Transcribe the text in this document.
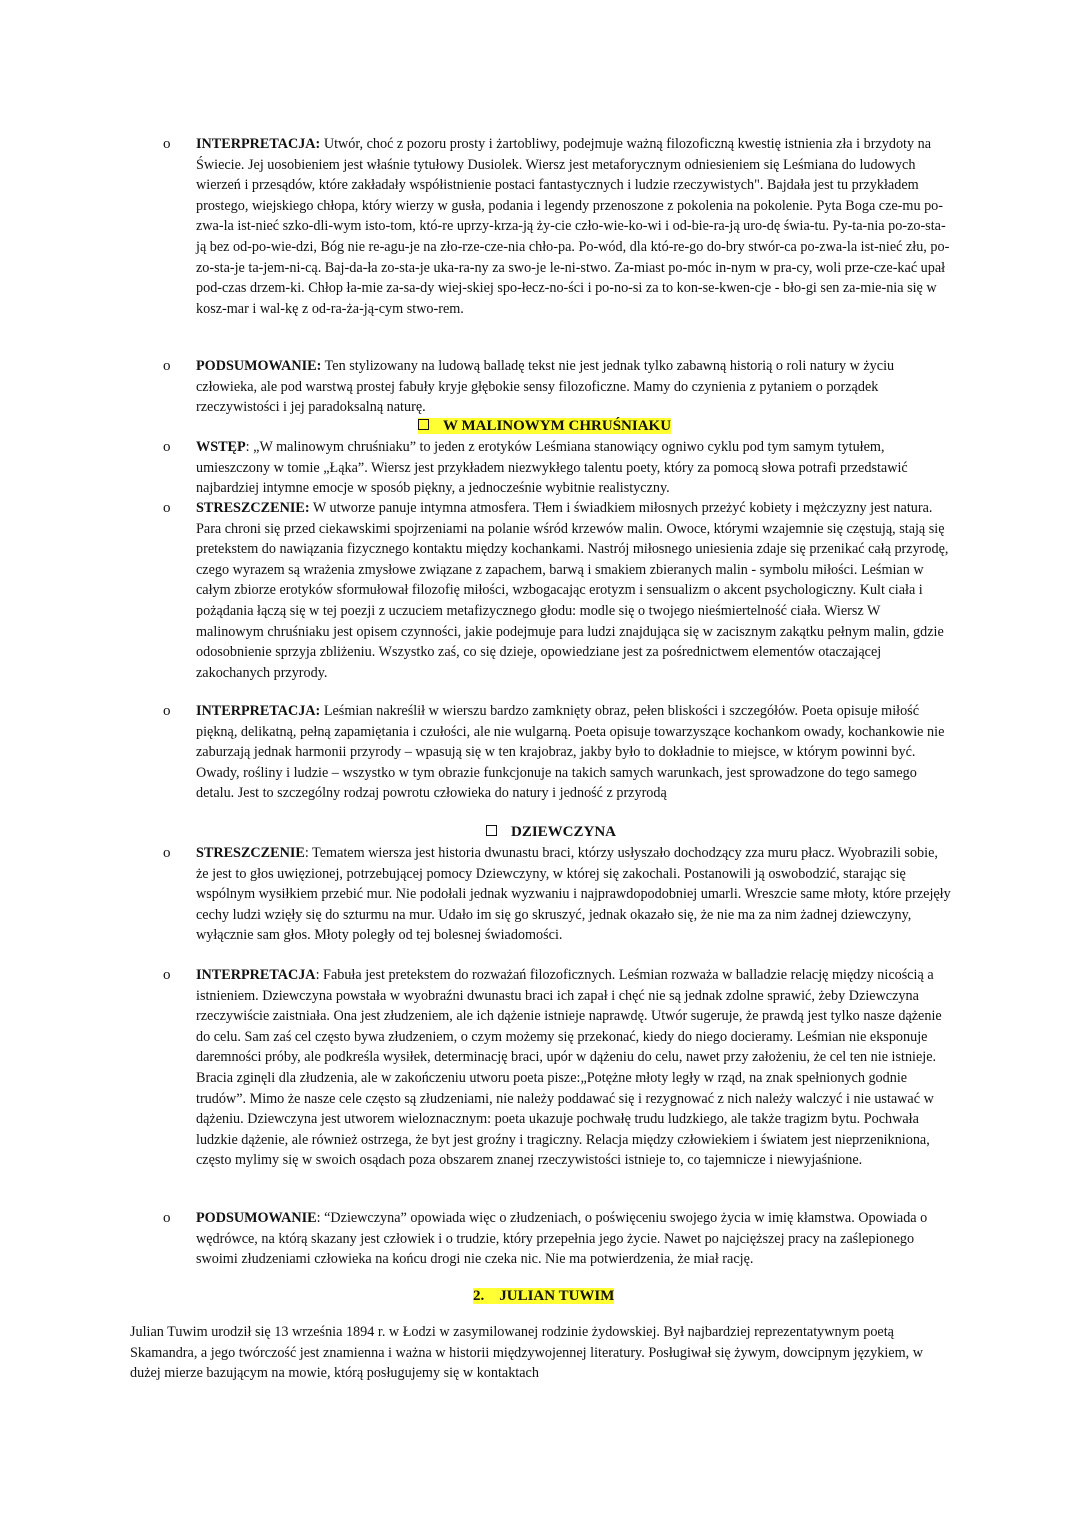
o INTERPRETACJA: Utwór, choć z pozoru prosty i żartobliwy, podejmuje ważną filozoficzną kwestię istnienia zła i brzydoty na Świecie. Jej uosobieniem jest właśnie tytułowy Dusiolek. Wiersz jest metaforycznym odniesieniem się Leśmiana do ludowych wierzeń i przesądów, które zakładały współistnienie postaci fantastycznych i ludzie rzeczywistych". Bajdała jest tu przykładem prostego, wiejskiego chłopa, który wierzy w gusła, podania i legendy przenoszone z pokolenia na pokolenie. Pyta Boga cze-mu po-zwa-la ist-nieć szko-dli-wym isto-tom, któ-re uprzy-krza-ją ży-cie czło-wie-ko-wi i od-bie-ra-ją uro-dę świa-tu. Py-ta-nia po-zo-sta-ją bez od-po-wie-dzi, Bóg nie re-agu-je na zło-rze-cze-nia chło-pa. Po-wód, dla któ-re-go do-bry stwór-ca po-zwa-la ist-nieć złu, po-zo-sta-je ta-jem-ni-cą. Baj-da-ła zo-sta-je uka-ra-ny za swo-je le-ni-stwo. Za-miast po-móc in-nym w pra-cy, woli prze-cze-kać upał pod-czas drzem-ki. Chłop ła-mie za-sa-dy wiej-skiej spo-łecz-no-ści i po-no-si za to kon-se-kwen-cje - bło-gi sen za-mie-nia się w kosz-mar i wal-kę z od-ra-ża-ją-cym stwo-rem.
o PODSUMOWANIE: Ten stylizowany na ludową balladę tekst nie jest jednak tylko zabawną historią o roli natury w życiu człowieka, ale pod warstwą prostej fabuły kryje głębokie sensy filozoficzne. Mamy do czynienia z pytaniem o porządek rzeczywistości i jej paradoksalną naturę.
W MALINOWYM CHRUŚNIAKU
o WSTĘP: „W malinowym chruśniaku” to jeden z erotyków Leśmiana stanowiący ogniwo cyklu pod tym samym tytułem, umieszczony w tomie „Łąka”. Wiersz jest przykładem niezwykłego talentu poety, który za pomocą słowa potrafi przedstawić najbardziej intymne emocje w sposób piękny, a jednocześnie wybitnie realistyczny.
o STRESZCZENIE: W utworze panuje intymna atmosfera. Tłem i świadkiem miłosnych przeżyć kobiety i mężczyzny jest natura. Para chroni się przed ciekawskimi spojrzeniami na polanie wśród krzewów malin. Owoce, którymi wzajemnie się częstują, stają się pretekstem do nawiązania fizycznego kontaktu między kochankami. Nastrój miłosnego uniesienia zdaje się przenikać całą przyrodę, czego wyrazem są wrażenia zmysłowe związane z zapachem, barwą i smakiem zbieranych malin - symbolu miłości. Leśmian w całym zbiorze erotyków sformułował filozofię miłości, wzbogacając erotyzm i sensualizm o akcent psychologiczny. Kult ciała i pożądania łączą się w tej poezji z uczuciem metafizycznego głodu: modle się o twojego nieśmiertelność ciała. Wiersz W malinowym chruśniaku jest opisem czynności, jakie podejmuje para ludzi znajdująca się w zacisznym zakątku pełnym malin, gdzie odosobnienie sprzyja zbliżeniu. Wszystko zaś, co się dzieje, opowiedziane jest za pośrednictwem elementów otaczającej zakochanych przyrody.
o INTERPRETACJA: Leśmian nakreślił w wierszu bardzo zamknięty obraz, pełen bliskości i szczegółów. Poeta opisuje miłość piękną, delikatną, pełną zapamiętania i czułości, ale nie wulgarną. Poeta opisuje towarzyszące kochankom owady, kochankowie nie zaburzają jednak harmonii przyrody – wpasują się w ten krajobraz, jakby było to dokładnie to miejsce, w którym powinni być. Owady, rośliny i ludzie – wszystko w tym obrazie funkcjonuje na takich samych warunkach, jest sprowadzone do tego samego detalu. Jest to szczególny rodzaj powrotu człowieka do natury i jedność z przyrodą
DZIEWCZYNA
o STRESZCZENIE: Tematem wiersza jest historia dwunastu braci, którzy usłyszało dochodzący zza muru płacz. Wyobrazili sobie, że jest to głos uwięzionej, potrzebującej pomocy Dziewczyny, w której się zakochali. Postanowili ją oswobodzić, starając się wspólnym wysiłkiem przebić mur. Nie podołali jednak wyzwaniu i najprawdopodobniej umarli. Wreszcie same młoty, które przejęły cechy ludzi wzięły się do szturmu na mur. Udało im się go skruszyć, jednak okazało się, że nie ma za nim żadnej dziewczyny, wyłącznie sam głos. Młoty poległy od tej bolesnej świadomości.
o INTERPRETACJA: Fabuła jest pretekstem do rozważań filozoficznych. Leśmian rozważa w balladzie relację między nicością a istnieniem. Dziewczyna powstała w wyobraźni dwunastu braci ich zapał i chęć nie są jednak zdolne sprawić, żeby Dziewczyna rzeczywiście zaistniała. Ona jest złudzeniem, ale ich dążenie istnieje naprawdę. Utwór sugeruje, że prawdą jest tylko nasze dążenie do celu. Sam zaś cel często bywa złudzeniem, o czym możemy się przekonać, kiedy do niego docieramy. Leśmian nie eksponuje daremności próby, ale podkreśla wysiłek, determinację braci, upór w dążeniu do celu, nawet przy założeniu, że cel ten nie istnieje. Bracia zginęli dla złudzenia, ale w zakończeniu utworu poeta pisze:„Potężne młoty legły w rząd, na znak spełnionych godnie trudów”. Mimo że nasze cele często są złudzeniami, nie należy poddawać się i rezygnować z nich należy walczyć i nie ustawać w dążeniu. Dziewczyna jest utworem wieloznacznym: poeta ukazuje pochwałę trudu ludzkiego, ale także tragizm bytu. Pochwała ludzkie dążenie, ale również ostrzega, że byt jest groźny i tragiczny. Relacja między człowiekiem i światem jest nieprzenikniona, często mylimy się w swoich osądach poza obszarem znanej rzeczywistości istnieje to, co tajemnicze i niewyjaśnione.
o PODSUMOWANIE: “Dziewczyna” opowiada więc o złudzeniach, o poświęceniu swojego życia w imię kłamstwa. Opowiada o wędrówce, na którą skazany jest człowiek i o trudzie, który przepełnia jego życie. Nawet po najcięższej pracy na zaślepionego swoimi złudzeniami człowieka na końcu drogi nie czeka nic. Nie ma potwierdzenia, że miał rację.
2. JULIAN TUWIM
Julian Tuwim urodził się 13 września 1894 r. w Łodzi w zasymilowanej rodzinie żydowskiej. Był najbardziej reprezentatywnym poetą Skamandra, a jego twórczość jest znamienna i ważna w historii międzywojennej literatury. Posługiwał się żywym, dowcipnym językiem, w dużej mierze bazującym na mowie, którą posługujemy się w kontaktach
